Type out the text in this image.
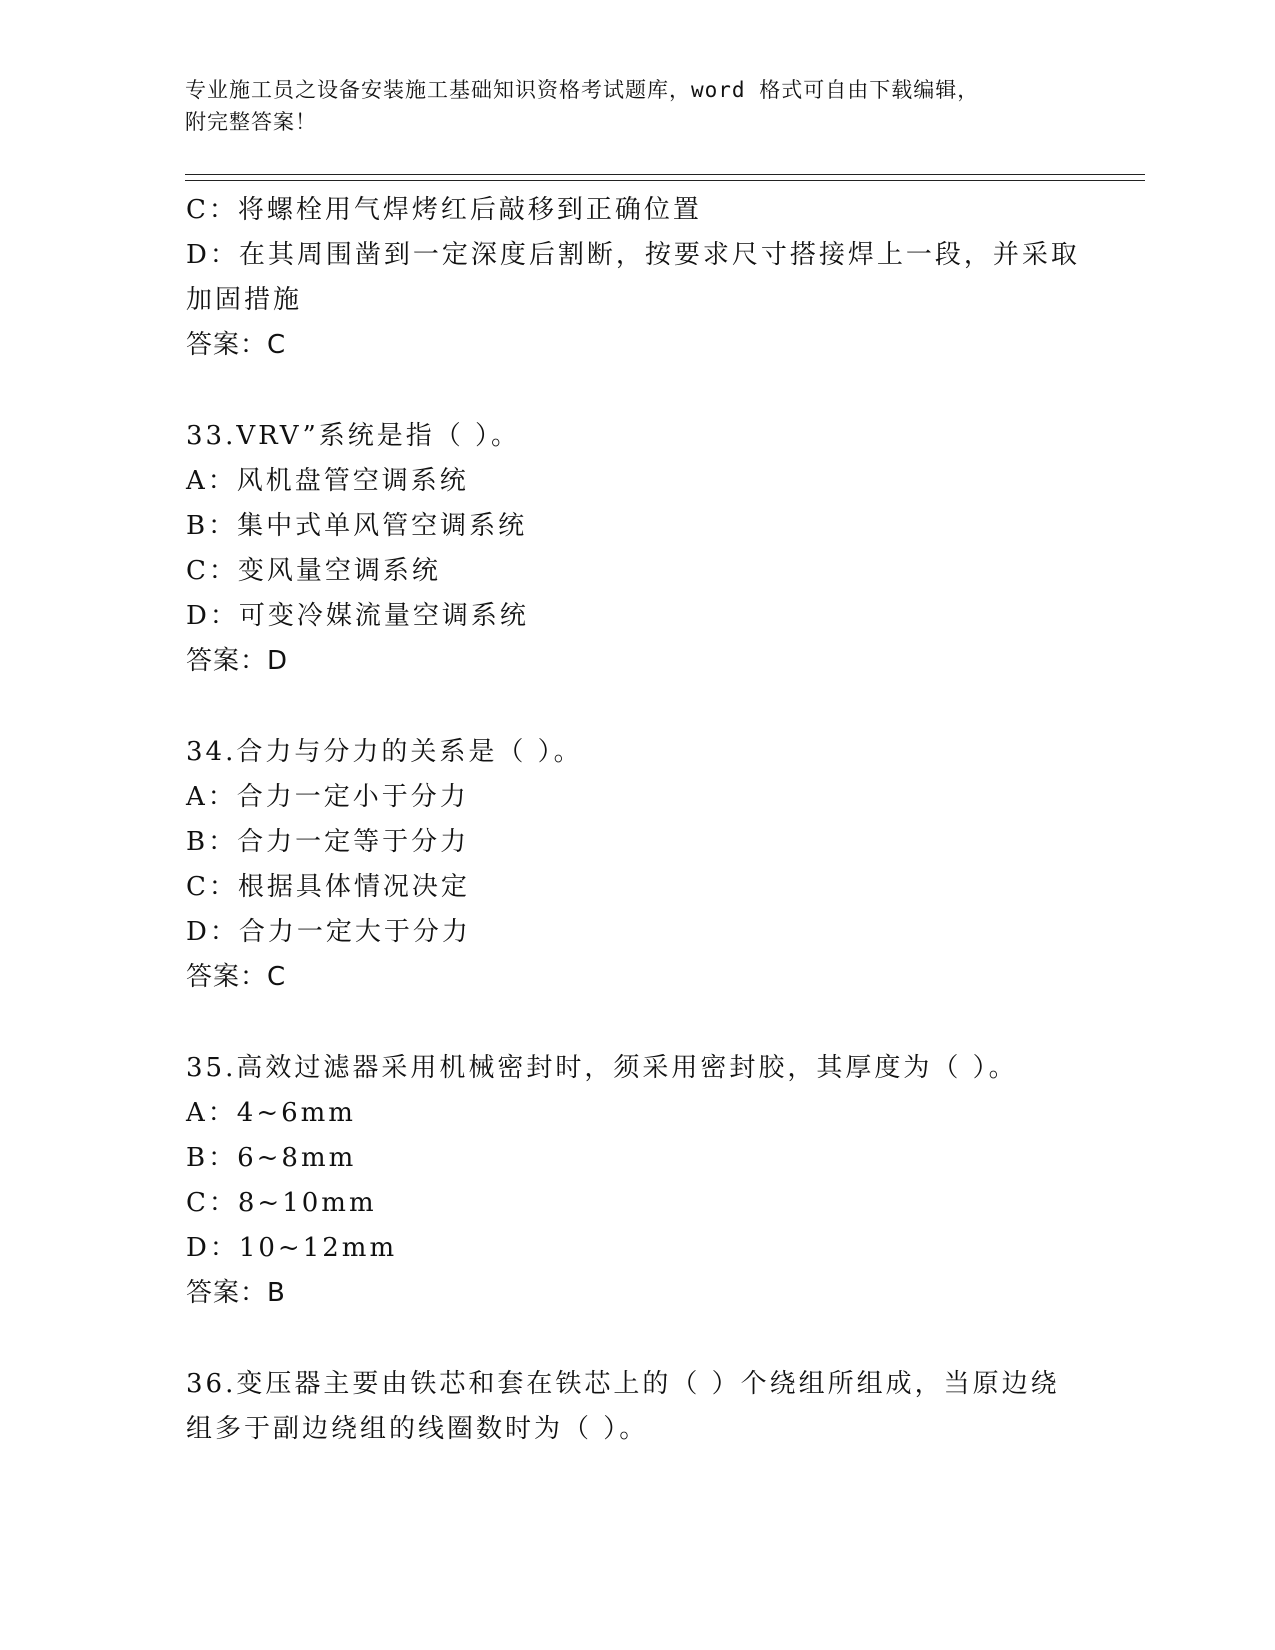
专业施工员之设备安装施工基础知识资格考试题库，word 格式可自由下载编辑，
附完整答案！
C：将螺栓用气焊烤红后敲移到正确位置
D：在其周围凿到一定深度后割断，按要求尺寸搭接焊上一段，并采取
加固措施
答案：C
33.VRV”系统是指（ ）。
A：风机盘管空调系统
B：集中式单风管空调系统
C：变风量空调系统
D：可变冷媒流量空调系统
答案：D
34.合力与分力的关系是（ ）。
A：合力一定小于分力
B：合力一定等于分力
C：根据具体情况决定
D：合力一定大于分力
答案：C
35.高效过滤器采用机械密封时，须采用密封胶，其厚度为（ ）。
A：4~6mm
B：6~8mm
C：8~10mm
D：10~12mm
答案：B
36.变压器主要由铁芯和套在铁芯上的（ ）个绕组所组成，当原边绕
组多于副边绕组的线圈数时为（ ）。
